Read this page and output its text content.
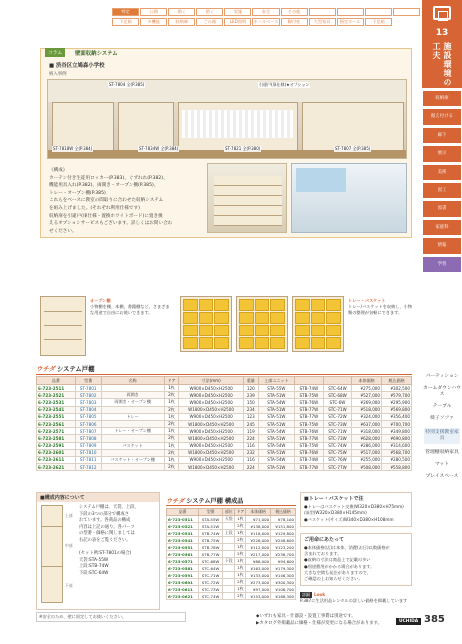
特定	公開	開く	閉く	実施	安全	その他
下足箱	多機能	収納庫	ごみ箱	LED照明	ホールベース	脚付柱	大型家具	指定ホール	下足箱
13
施設環境の工夫
収納庫
据え付ける
廊下
展示
美術
図工
図書
家庭科
情報
学習
パーティション
カームダウンハウス
テーブル
椅子ソファ
特別支援教室家具
管理棚収納家具
マット
プレイスペース
コラム	壁面収納システム
■ 渋谷区立鳩森小学校
納入事例
ST-7804 全(P.385)	引違戸(扉仕様)★オプション
ST-7834W 全(P.384)	ST-7821 全(P.380)	ST-7807 全(P.385)
ST-7818W 全(P.384)
《構成》
カーテン付き生徒用ロッカー(P.383)、ぐずれれ(P.382)、
機能用具入れ(P.382)、両開き・オープン棚(P.385)、
トレー・オープン棚(P.385)
これらをベースに教室の間取りに合わせた収納システム
を組み上げました。(それぞれ利用仕様です)
収納扉を引違戸(扉仕様・置換ホワイトボード)に置き換
えるオプションサービスもございます。詳しくはお問い合わ
せください。
オープン棚
小物棚を棚、本棚、書籍棚など、さまざまな用途で自由にお使いできます。
トレー・バスケット
トレー/バスケットを収納し、小物類の整理が気軽にできます。
ウチダ システム戸棚
品番	型番	名称	ドア	寸法(mm)	重量	上部ユニット			本体価格	税込価格
6-723-2511	ST-7801		1枚	W900×D450×H2500	120	STA-55W	STB-74W	STC-64W	¥275,000	¥302,500
6-723-2521	ST-7802	両開き	2枚	W900×D450×H2500	239	STA-51W	STB-75W	STC-68W	¥527,000	¥579,700
6-723-2531	ST-7803	両開き・オープン棚	1枚	W900×D450×H2500	150	STA-54W	STB-76W	STC-6W	¥269,000	¥295,900
6-723-2541	ST-7804		2枚	W1800×D450×H2500	234	STA-51W	STB-77W	STC-71W	¥518,000	¥569,800
6-723-2551	ST-7805	トレー	1枚	W900×D450×H2500	123	STA-51W	STB-77W	STC-72W	¥324,000	¥356,400
6-723-2561	ST-7806		2枚	W1800×D450×H2500	245	STA-51W	STB-75W	STC-73W	¥637,000	¥700,700
6-723-2571	ST-7807	トレー・オープン棚	1枚	W900×D450×H2500	119	STA-54W	STB-76W	STC-71W	¥318,000	¥349,800
6-723-2581	ST-7808		2枚	W1800×D450×H2500	224	STA-51W	STB-77W	STC-73W	¥628,000	¥690,800
6-723-2591	ST-7809	バスケット	1枚	W900×D450×H2500	116	STA-54W	STB-75W	STC-74W	¥286,000	¥314,600
6-723-2601	ST-7810		2枚	W1800×D450×H2500	232	STA-51W	STB-76W	STC-75W	¥517,000	¥568,700
6-723-2611	ST-7811	バスケット・オープン棚	1枚	W900×D450×H2500	116	STA-54W	STB-74W	STC-76W	¥255,000	¥280,500
6-723-2621	ST-7812		2枚	W1800×D450×H2500	224	STA-51W	STB-77W	STC-77W	¥508,000	¥558,800
■構成内容について
上部
中部
下部
システム戸棚は、天袋、上段、
下段の3つの部分で構成さ
れています。各商品の構成
内容は上記の通り。各パーツ
の型番・価格に関しましては
右記の表をご覧ください。

(セット例:ST-7801の場合)
天袋:STA-55W
上段:STB-74W
下段:STC-64W
ウチダ システム戸棚 構成品
品番	型番	部位	ドア	本体価格	税込価格
6-723-0511	STA-55W	天袋	1枚	¥71,000	¥78,100
6-723-0521	STA-51W		2枚	¥138,000	¥151,800
6-723-0531	STB-74W	上段	1枚	¥118,000	¥129,800
6-723-0541	STB-75W		2枚	¥226,000	¥248,600
6-723-0551	STB-76W		1枚	¥112,000	¥123,200
6-723-0561	STB-77W		2枚	¥217,000	¥238,700
6-723-0571	STC-68W	下段	1枚	¥86,000	¥94,600
6-723-0581	STC-64W		1枚	¥163,000	¥179,300
6-723-0591	STC-71W		1枚	¥133,000	¥146,300
6-723-0601	STC-72W		2枚	¥273,000	¥300,300
6-723-0611	STC-73W		1枚	¥97,000	¥106,700
6-723-0621	STC-74W		2枚	¥153,000	¥168,300
■トレー・バスケットで注
●トレーはバスケット交換(W320×D380×H75mm)
/深型(W320×D380×H145mm)
●バスケット(サイズ)W340×D380×H108mm
ご用命にあたって
●本体価格(店)は本体、消費(お日)以数価格が
含まれております。
●収納の寸法は商品上で記載の多い
●別途費用がかかる場合があります。
大きな空間も発注がありますので、
ご確認の上お知らせください。
詳細 Look
P.387に生活用品レンタルの詳しい価格を掲載しています
※安全のため、壁に固定してお使いください。	◆いずれも家具・什器設・設置工事費は別途です。
▶カタログ外掲載品に価格・仕様が変更になる場合があります。	UCHIDA 385
